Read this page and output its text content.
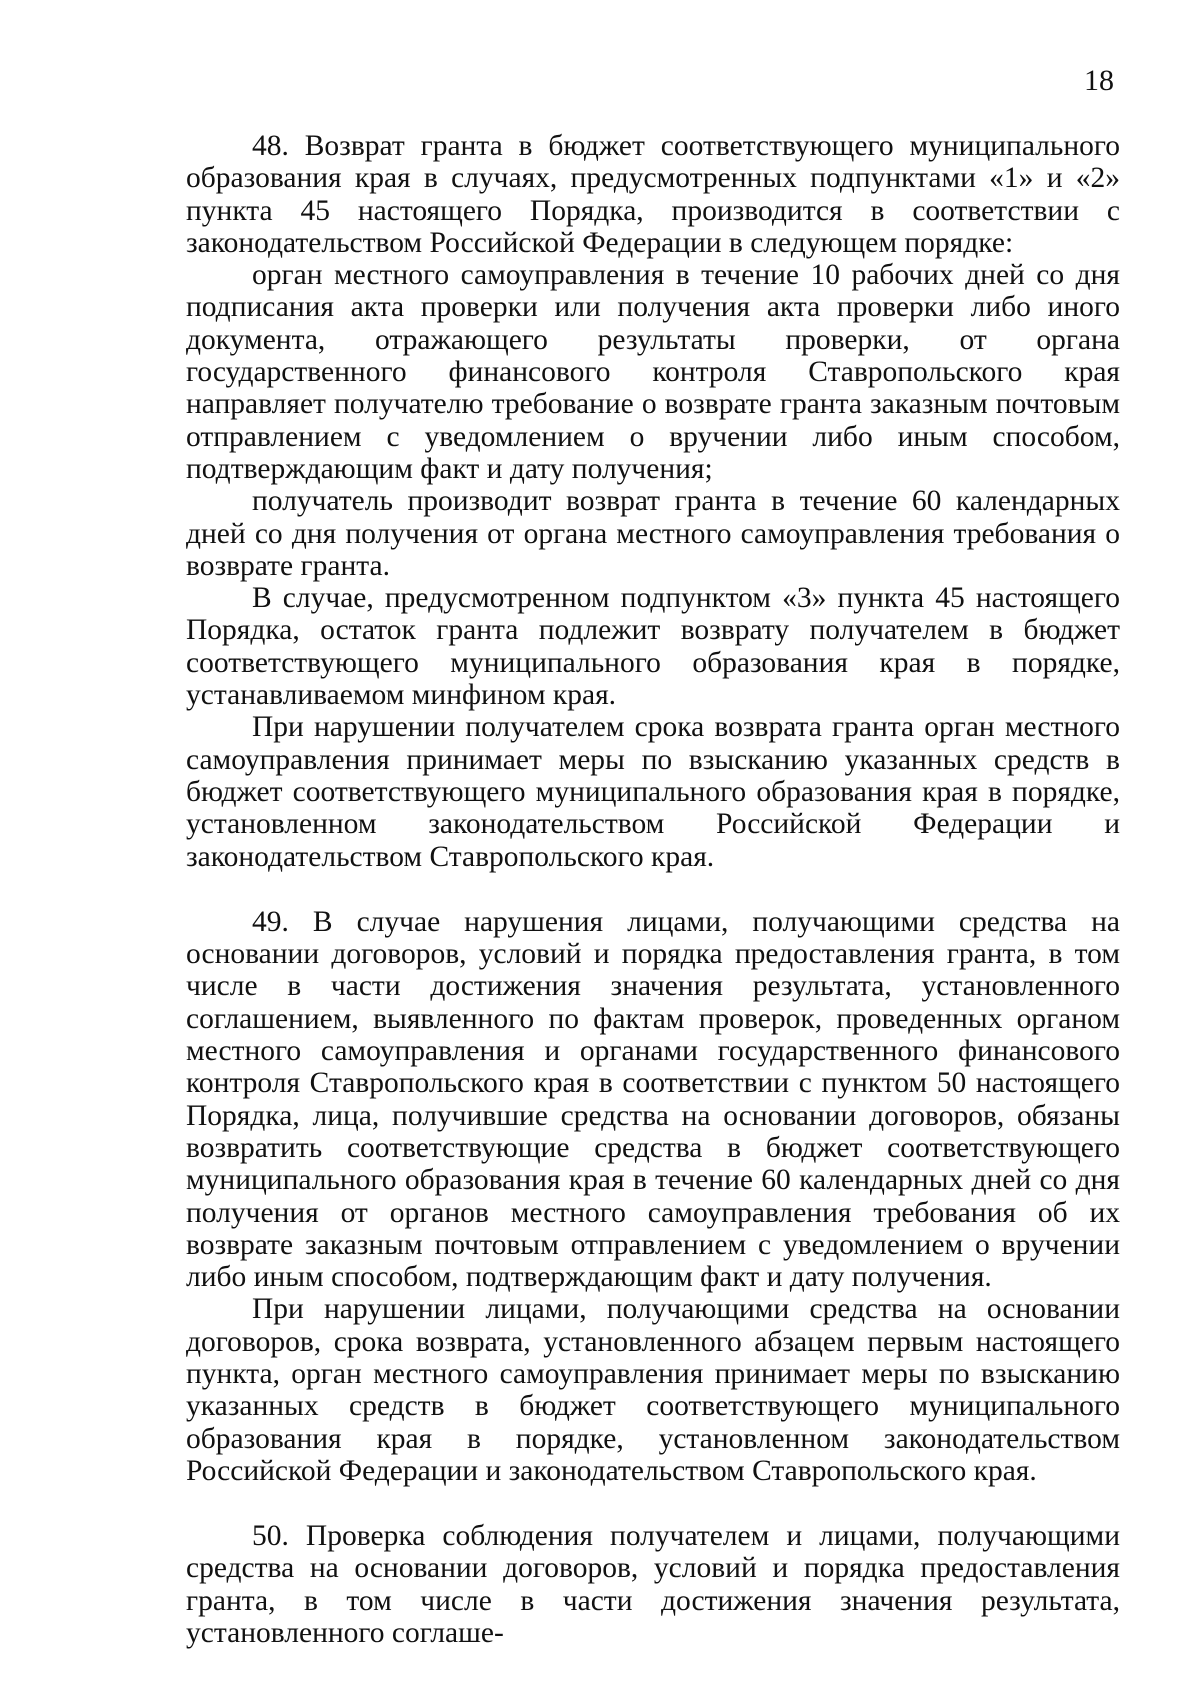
18

48. Возврат гранта в бюджет соответствующего муниципального образования края в случаях, предусмотренных подпунктами «1» и «2» пункта 45 настоящего Порядка, производится в соответствии с законодательством Российской Федерации в следующем порядке:

орган местного самоуправления в течение 10 рабочих дней со дня подписания акта проверки или получения акта проверки либо иного документа, отражающего результаты проверки, от органа государственного финансового контроля Ставропольского края направляет получателю требование о возврате гранта заказным почтовым отправлением с уведомлением о вручении либо иным способом, подтверждающим факт и дату получения;

получатель производит возврат гранта в течение 60 календарных дней со дня получения от органа местного самоуправления требования о возврате гранта.

В случае, предусмотренном подпунктом «3» пункта 45 настоящего Порядка, остаток гранта подлежит возврату получателем в бюджет соответствующего муниципального образования края в порядке, устанавливаемом минфином края.

При нарушении получателем срока возврата гранта орган местного самоуправления принимает меры по взысканию указанных средств в бюджет соответствующего муниципального образования края в порядке, установленном законодательством Российской Федерации и законодательством Ставропольского края.

49. В случае нарушения лицами, получающими средства на основании договоров, условий и порядка предоставления гранта, в том числе в части достижения значения результата, установленного соглашением, выявленного по фактам проверок, проведенных органом местного самоуправления и органами государственного финансового контроля Ставропольского края в соответствии с пунктом 50 настоящего Порядка, лица, получившие средства на основании договоров, обязаны возвратить соответствующие средства в бюджет соответствующего муниципального образования края в течение 60 календарных дней со дня получения от органов местного самоуправления требования об их возврате заказным почтовым отправлением с уведомлением о вручении либо иным способом, подтверждающим факт и дату получения.

При нарушении лицами, получающими средства на основании договоров, срока возврата, установленного абзацем первым настоящего пункта, орган местного самоуправления принимает меры по взысканию указанных средств в бюджет соответствующего муниципального образования края в порядке, установленном законодательством Российской Федерации и законодательством Ставропольского края.

50. Проверка соблюдения получателем и лицами, получающими средства на основании договоров, условий и порядка предоставления гранта, в том числе в части достижения значения результата, установленного соглаше-
